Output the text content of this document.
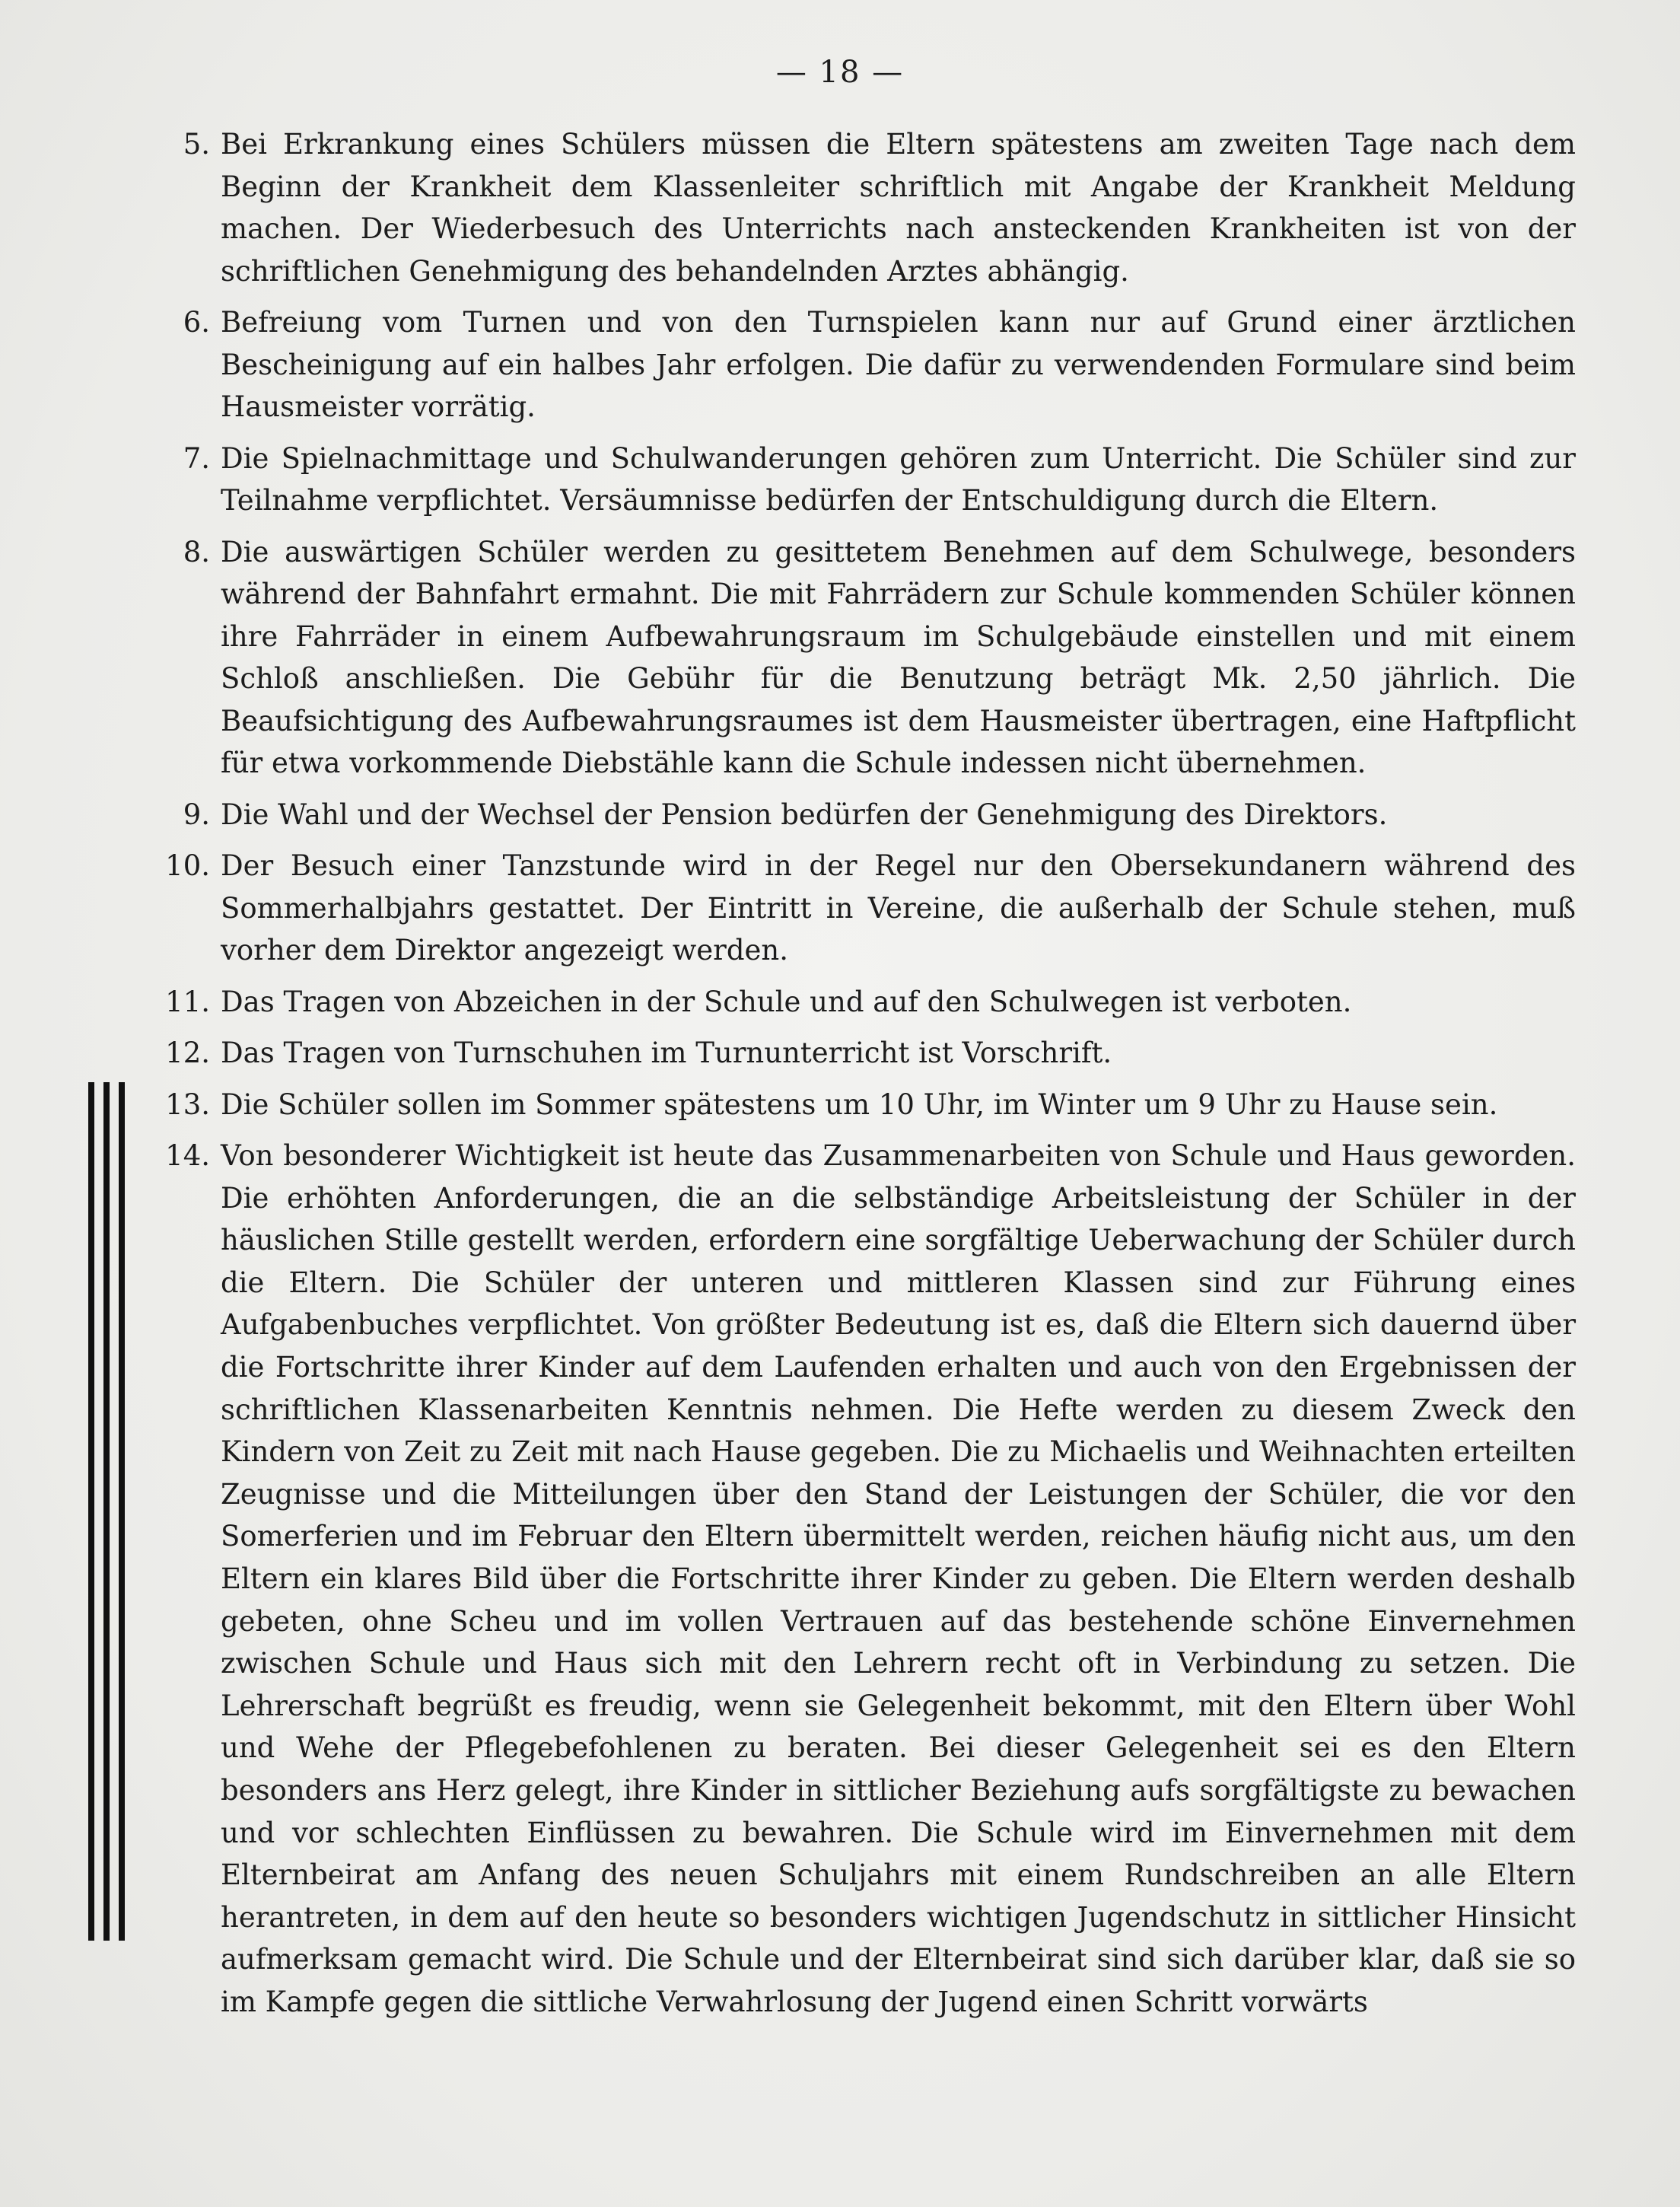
— 18 —
5. Bei Erkrankung eines Schülers müssen die Eltern spätestens am zweiten Tage nach dem Beginn der Krankheit dem Klassenleiter schriftlich mit Angabe der Krankheit Meldung machen. Der Wiederbesuch des Unterrichts nach ansteckenden Krankheiten ist von der schriftlichen Genehmigung des behandelnden Arztes abhängig.
6. Befreiung vom Turnen und von den Turnspielen kann nur auf Grund einer ärztlichen Bescheinigung auf ein halbes Jahr erfolgen. Die dafür zu verwendenden Formulare sind beim Hausmeister vorrätig.
7. Die Spielnachmittage und Schulwanderungen gehören zum Unterricht. Die Schüler sind zur Teilnahme verpflichtet. Versäumnisse bedürfen der Entschuldigung durch die Eltern.
8. Die auswärtigen Schüler werden zu gesittetem Benehmen auf dem Schulwege, besonders während der Bahnfahrt ermahnt. Die mit Fahrrädern zur Schule kommenden Schüler können ihre Fahrräder in einem Aufbewahrungsraum im Schulgebäude einstellen und mit einem Schloß anschließen. Die Gebühr für die Benutzung beträgt Mk. 2,50 jährlich. Die Beaufsichtigung des Aufbewahrungsraumes ist dem Hausmeister übertragen, eine Haftpflicht für etwa vorkommende Diebstähle kann die Schule indessen nicht übernehmen.
9. Die Wahl und der Wechsel der Pension bedürfen der Genehmigung des Direktors.
10. Der Besuch einer Tanzstunde wird in der Regel nur den Obersekundanern während des Sommerhalbjahrs gestattet. Der Eintritt in Vereine, die außerhalb der Schule stehen, muß vorher dem Direktor angezeigt werden.
11. Das Tragen von Abzeichen in der Schule und auf den Schulwegen ist verboten.
12. Das Tragen von Turnschuhen im Turnunterricht ist Vorschrift.
13. Die Schüler sollen im Sommer spätestens um 10 Uhr, im Winter um 9 Uhr zu Hause sein.
14. Von besonderer Wichtigkeit ist heute das Zusammenarbeiten von Schule und Haus geworden. Die erhöhten Anforderungen, die an die selbständige Arbeitsleistung der Schüler in der häuslichen Stille gestellt werden, erfordern eine sorgfältige Ueberwachung der Schüler durch die Eltern. Die Schüler der unteren und mittleren Klassen sind zur Führung eines Aufgabenbuches verpflichtet. Von größter Bedeutung ist es, daß die Eltern sich dauernd über die Fortschritte ihrer Kinder auf dem Laufenden erhalten und auch von den Ergebnissen der schriftlichen Klassenarbeiten Kenntnis nehmen. Die Hefte werden zu diesem Zweck den Kindern von Zeit zu Zeit mit nach Hause gegeben. Die zu Michaelis und Weihnachten erteilten Zeugnisse und die Mitteilungen über den Stand der Leistungen der Schüler, die vor den Somerferien und im Februar den Eltern übermittelt werden, reichen häufig nicht aus, um den Eltern ein klares Bild über die Fortschritte ihrer Kinder zu geben. Die Eltern werden deshalb gebeten, ohne Scheu und im vollen Vertrauen auf das bestehende schöne Einvernehmen zwischen Schule und Haus sich mit den Lehrern recht oft in Verbindung zu setzen. Die Lehrerschaft begrüßt es freudig, wenn sie Gelegenheit bekommt, mit den Eltern über Wohl und Wehe der Pflegebefohlenen zu beraten. Bei dieser Gelegenheit sei es den Eltern besonders ans Herz gelegt, ihre Kinder in sittlicher Beziehung aufs sorgfältigste zu bewachen und vor schlechten Einflüssen zu bewahren. Die Schule wird im Einvernehmen mit dem Elternbeirat am Anfang des neuen Schuljahrs mit einem Rundschreiben an alle Eltern herantreten, in dem auf den heute so besonders wichtigen Jugendschutz in sittlicher Hinsicht aufmerksam gemacht wird. Die Schule und der Elternbeirat sind sich darüber klar, daß sie so im Kampfe gegen die sittliche Verwahrlosung der Jugend einen Schritt vorwärts
